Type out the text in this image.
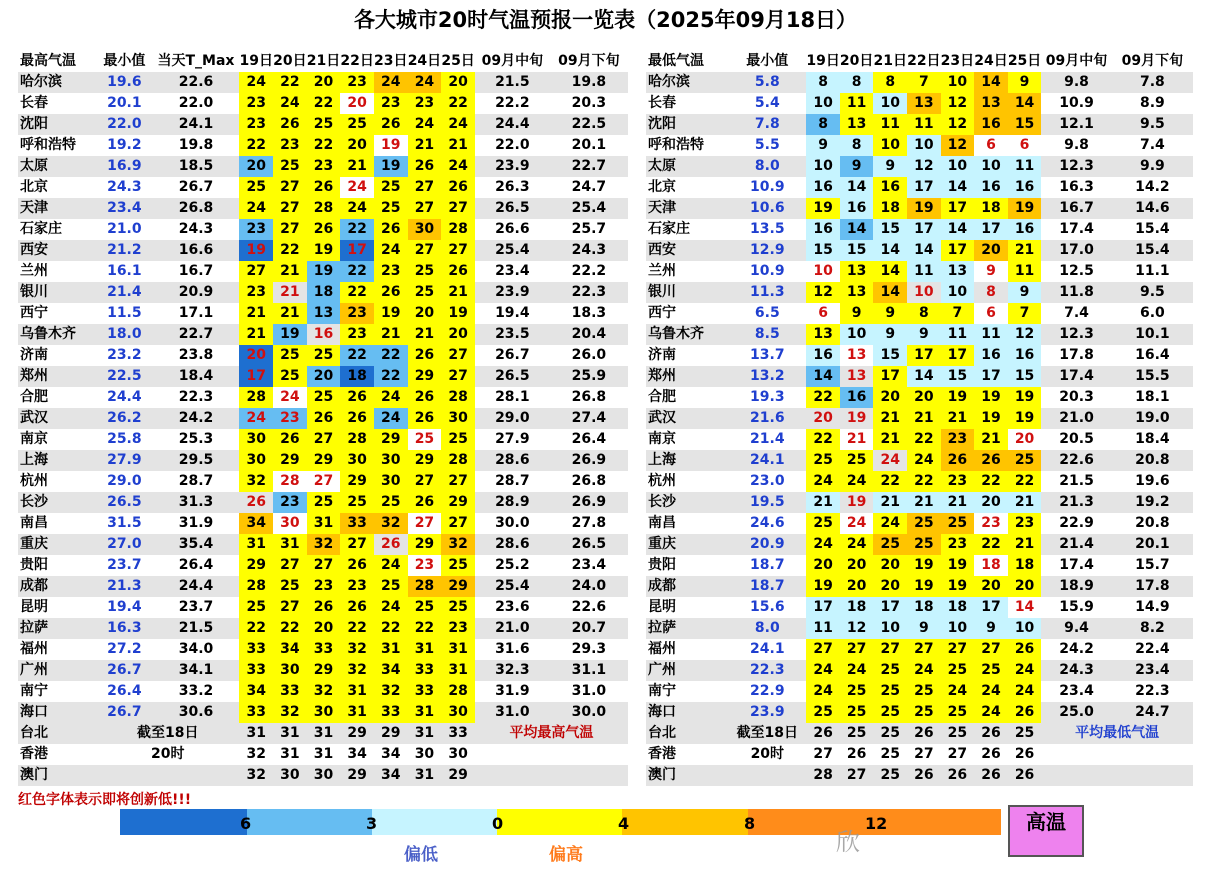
各大城市20时气温预报一览表（2025年09月18日）
最高气温	最小值	当天T_Max	19日	20日	21日	22日	23日	24日	25日	09月中旬	09月下旬
哈尔滨	19.6	22.6	24	22	20	23	24	24	20	21.5	19.8
长春	20.1	22.0	23	24	22	20	23	23	22	22.2	20.3
沈阳	22.0	24.1	23	26	25	25	26	24	24	24.4	22.5
呼和浩特	19.2	19.8	22	23	22	20	19	21	21	22.0	20.1
太原	16.9	18.5	20	25	23	21	19	26	24	23.9	22.7
北京	24.3	26.7	25	27	26	24	25	27	26	26.3	24.7
天津	23.4	26.8	24	27	28	24	25	27	27	26.5	25.4
石家庄	21.0	24.3	23	27	26	22	26	30	28	26.6	25.7
西安	21.2	16.6	19	22	19	17	24	27	27	25.4	24.3
兰州	16.1	16.7	27	21	19	22	23	25	26	23.4	22.2
银川	21.4	20.9	23	21	18	22	26	25	21	23.9	22.3
西宁	11.5	17.1	21	21	13	23	19	20	19	19.4	18.3
乌鲁木齐	18.0	22.7	21	19	16	23	21	21	20	23.5	20.4
济南	23.2	23.8	20	25	25	22	22	26	27	26.7	26.0
郑州	22.5	18.4	17	25	20	18	22	29	27	26.5	25.9
合肥	24.4	22.3	28	24	25	26	24	26	28	28.1	26.8
武汉	26.2	24.2	24	23	26	26	24	26	30	29.0	27.4
南京	25.8	25.3	30	26	27	28	29	25	25	27.9	26.4
上海	27.9	29.5	30	29	29	30	30	29	28	28.6	26.9
杭州	29.0	28.7	32	28	27	29	30	27	27	28.7	26.8
长沙	26.5	31.3	26	23	25	25	25	26	29	28.9	26.9
南昌	31.5	31.9	34	30	31	33	32	27	27	30.0	27.8
重庆	27.0	35.4	31	31	32	27	26	29	32	28.6	26.5
贵阳	23.7	26.4	29	27	27	26	24	23	25	25.2	23.4
成都	21.3	24.4	28	25	23	23	25	28	29	25.4	24.0
昆明	19.4	23.7	25	27	26	26	24	25	25	23.6	22.6
拉萨	16.3	21.5	22	22	20	22	22	22	23	21.0	20.7
福州	27.2	34.0	33	34	33	32	31	31	31	31.6	29.3
广州	26.7	34.1	33	30	29	32	34	33	31	32.3	31.1
南宁	26.4	33.2	34	33	32	31	32	33	28	31.9	31.0
海口	26.7	30.6	33	32	30	31	33	31	30	31.0	30.0
台北	截至18日		31	31	31	29	29	31	33	平均最高气温	
香港	20时		32	31	31	34	34	30	30		
澳门			32	30	30	29	34	31	29		
最低气温	最小值	19日	20日	21日	22日	23日	24日	25日	09月中旬	09月下旬
哈尔滨	5.8	8	8	8	7	10	14	9	9.8	7.8
长春	5.4	10	11	10	13	12	13	14	10.9	8.9
沈阳	7.8	8	13	11	11	12	16	15	12.1	9.5
呼和浩特	5.5	9	8	10	10	12	6	6	9.8	7.4
太原	8.0	10	9	9	12	10	10	11	12.3	9.9
北京	10.9	16	14	16	17	14	16	16	16.3	14.2
天津	10.6	19	16	18	19	17	18	19	16.7	14.6
石家庄	13.5	16	14	15	17	14	17	16	17.4	15.4
西安	12.9	15	15	14	14	17	20	21	17.0	15.4
兰州	10.9	10	13	14	11	13	9	11	12.5	11.1
银川	11.3	12	13	14	10	10	8	9	11.8	9.5
西宁	6.5	6	9	9	8	7	6	7	7.4	6.0
乌鲁木齐	8.5	13	10	9	9	11	11	12	12.3	10.1
济南	13.7	16	13	15	17	17	16	16	17.8	16.4
郑州	13.2	14	13	17	14	15	17	15	17.4	15.5
合肥	19.3	22	16	20	20	19	19	19	20.3	18.1
武汉	21.6	20	19	21	21	21	19	19	21.0	19.0
南京	21.4	22	21	21	22	23	21	20	20.5	18.4
上海	24.1	25	25	24	24	26	26	25	22.6	20.8
杭州	23.0	24	24	22	22	23	22	22	21.5	19.6
长沙	19.5	21	19	21	21	21	20	21	21.3	19.2
南昌	24.6	25	24	24	25	25	23	23	22.9	20.8
重庆	20.9	24	24	25	25	23	22	21	21.4	20.1
贵阳	18.7	20	20	20	19	19	18	18	17.4	15.7
成都	18.7	19	20	20	19	19	20	20	18.9	17.8
昆明	15.6	17	18	17	18	18	17	14	15.9	14.9
拉萨	8.0	11	12	10	9	10	9	10	9.4	8.2
福州	24.1	27	27	27	27	27	27	26	24.2	22.4
广州	22.3	24	24	25	24	25	25	24	24.3	23.4
南宁	22.9	24	25	25	25	24	24	24	23.4	22.3
海口	23.9	25	25	25	25	25	24	26	25.0	24.7
台北	截至18日	26	25	25	26	25	26	25	平均最低气温	
香港	20时	27	26	25	27	27	26	26		
澳门		28	27	25	26	26	26	26		
红色字体表示即将创新低!!!
6	3	0	4	8	12	高温
偏低	偏高	欣
